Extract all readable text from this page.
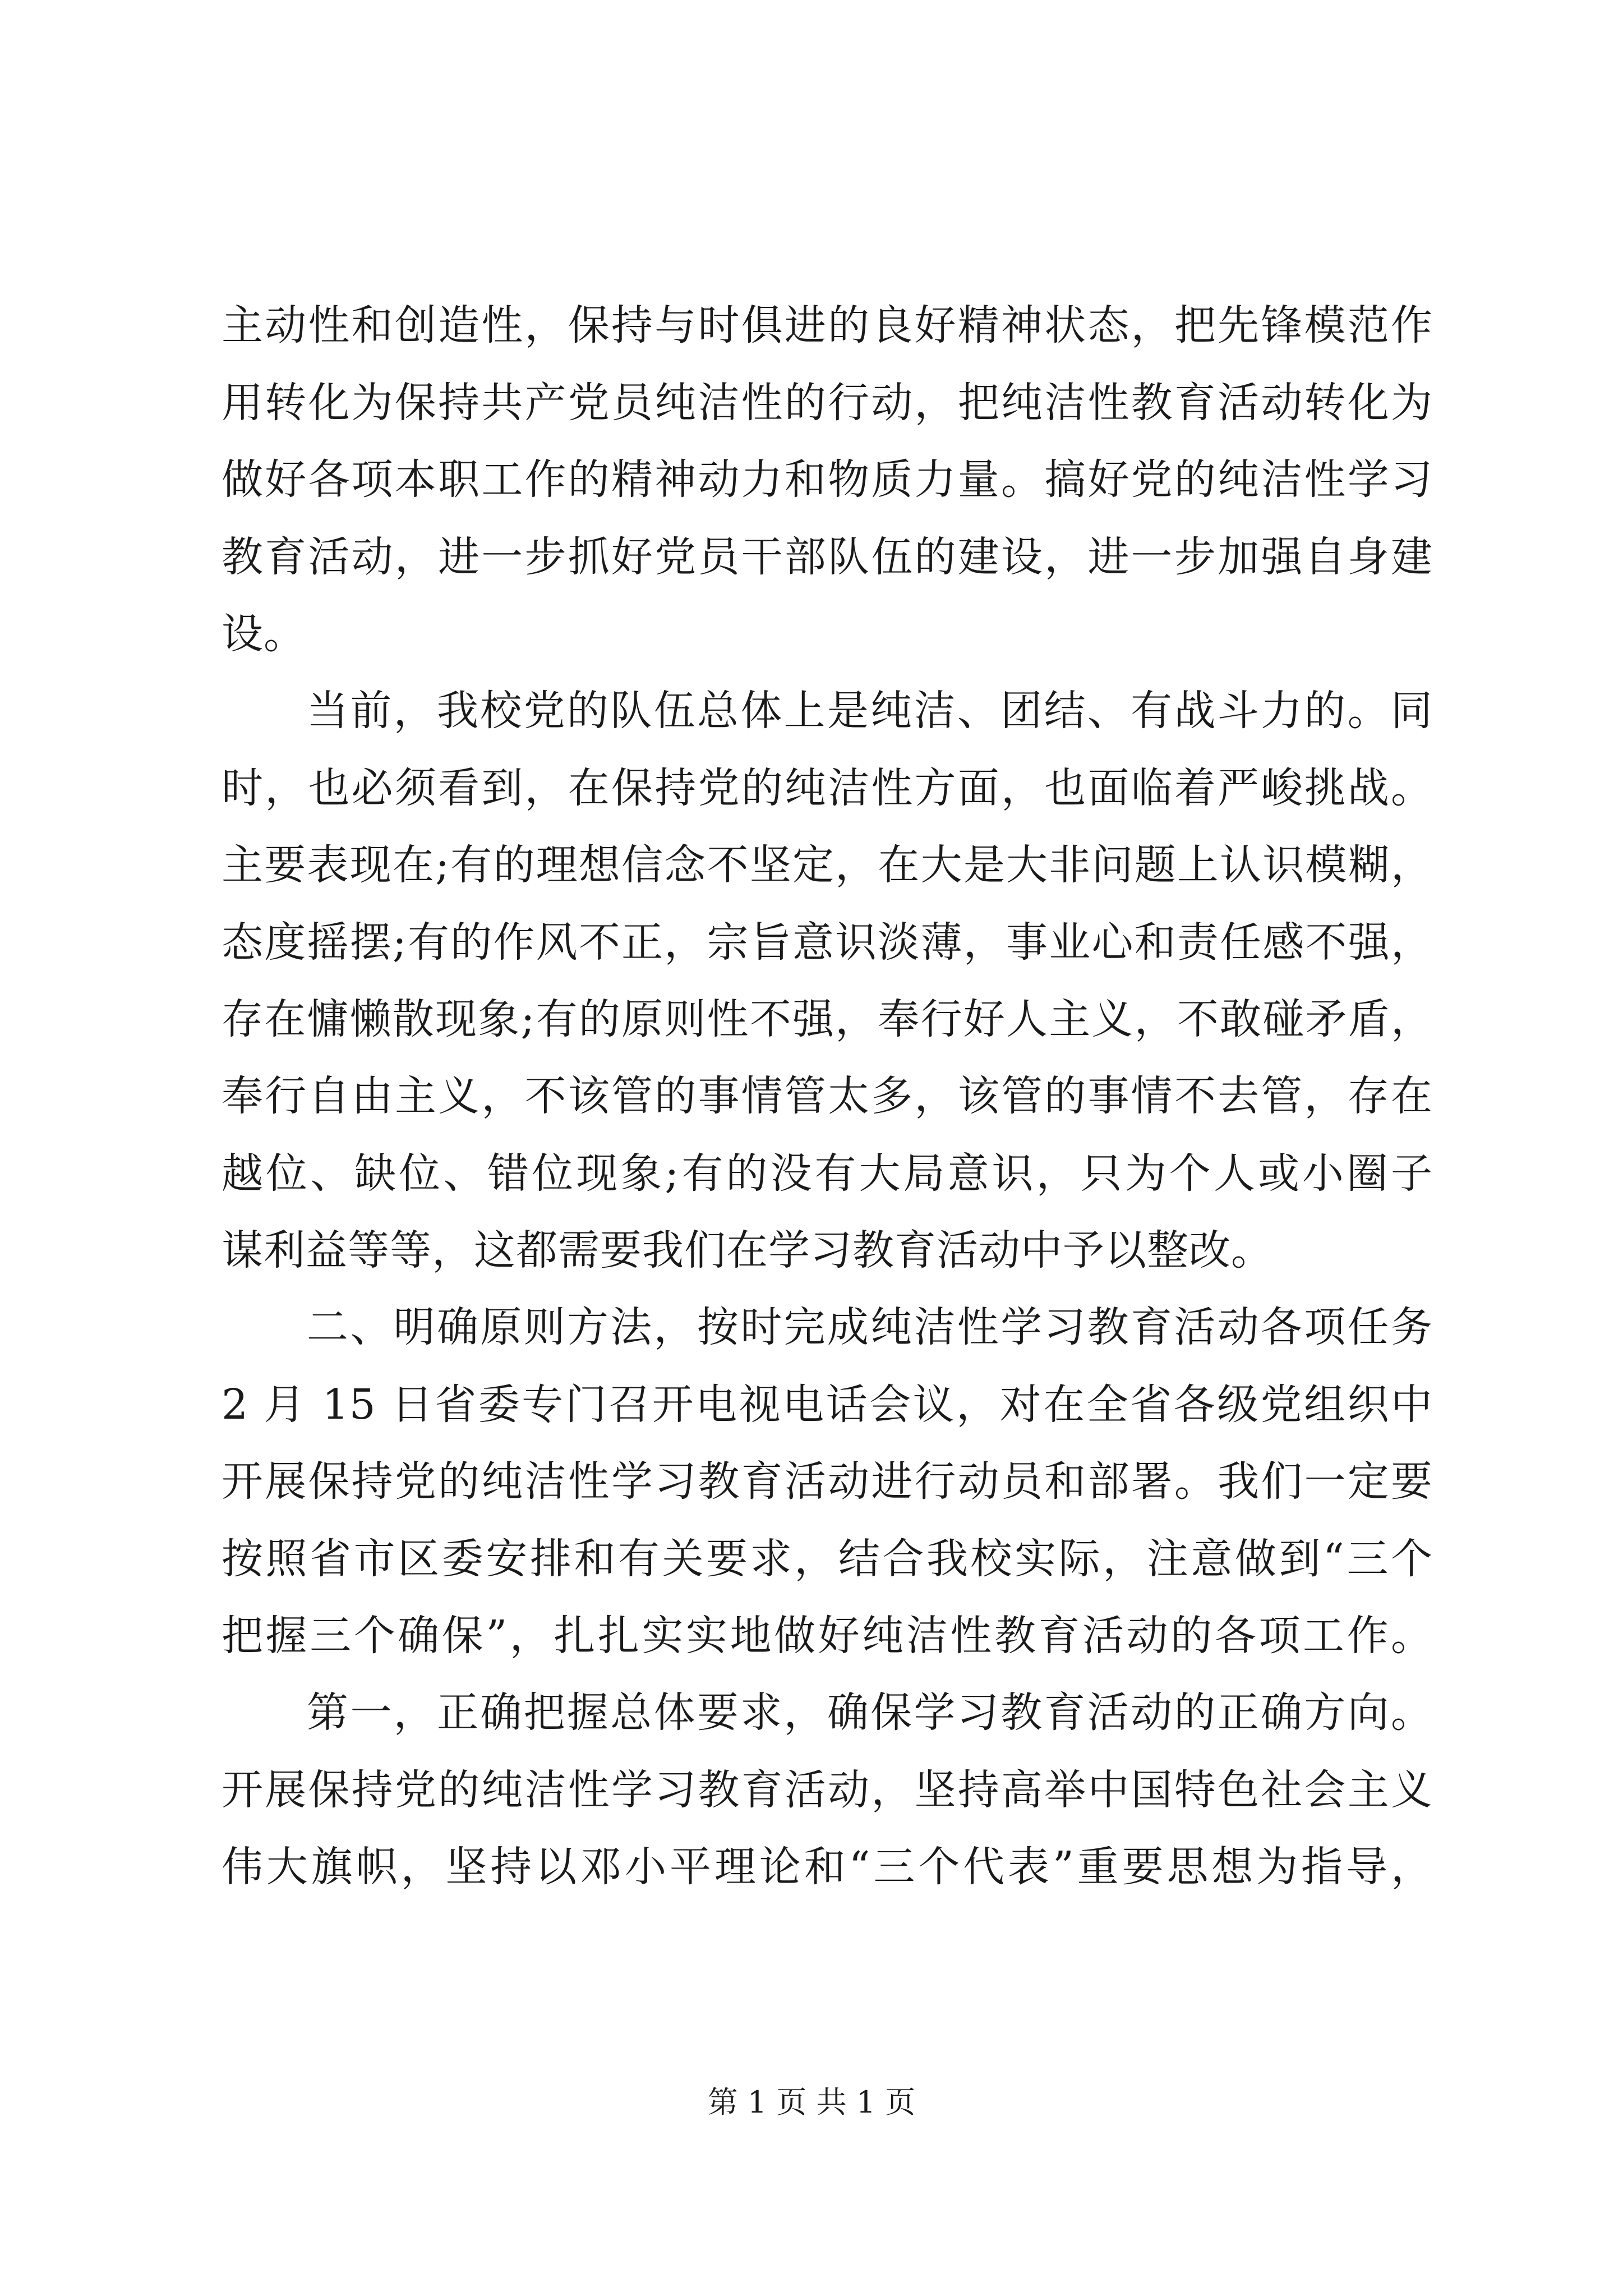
主动性和创造性，保持与时俱进的良好精神状态，把先锋模范作
用转化为保持共产党员纯洁性的行动，把纯洁性教育活动转化为
做好各项本职工作的精神动力和物质力量。搞好党的纯洁性学习
教育活动，进一步抓好党员干部队伍的建设，进一步加强自身建
设。
当前，我校党的队伍总体上是纯洁、团结、有战斗力的。同
时，也必须看到，在保持党的纯洁性方面，也面临着严峻挑战。
主要表现在;有的理想信念不坚定，在大是大非问题上认识模糊，
态度摇摆;有的作风不正，宗旨意识淡薄，事业心和责任感不强，
存在慵懒散现象;有的原则性不强，奉行好人主义，不敢碰矛盾，
奉行自由主义，不该管的事情管太多，该管的事情不去管，存在
越位、缺位、错位现象;有的没有大局意识，只为个人或小圈子
谋利益等等，这都需要我们在学习教育活动中予以整改。
二、明确原则方法，按时完成纯洁性学习教育活动各项任务
2 月 15 日省委专门召开电视电话会议，对在全省各级党组织中
开展保持党的纯洁性学习教育活动进行动员和部署。我们一定要
按照省市区委安排和有关要求，结合我校实际，注意做到“三个
把握三个确保”，扎扎实实地做好纯洁性教育活动的各项工作。
第一，正确把握总体要求，确保学习教育活动的正确方向。
开展保持党的纯洁性学习教育活动，坚持高举中国特色社会主义
伟大旗帜，坚持以邓小平理论和“三个代表”重要思想为指导，
第 1 页 共 1 页
